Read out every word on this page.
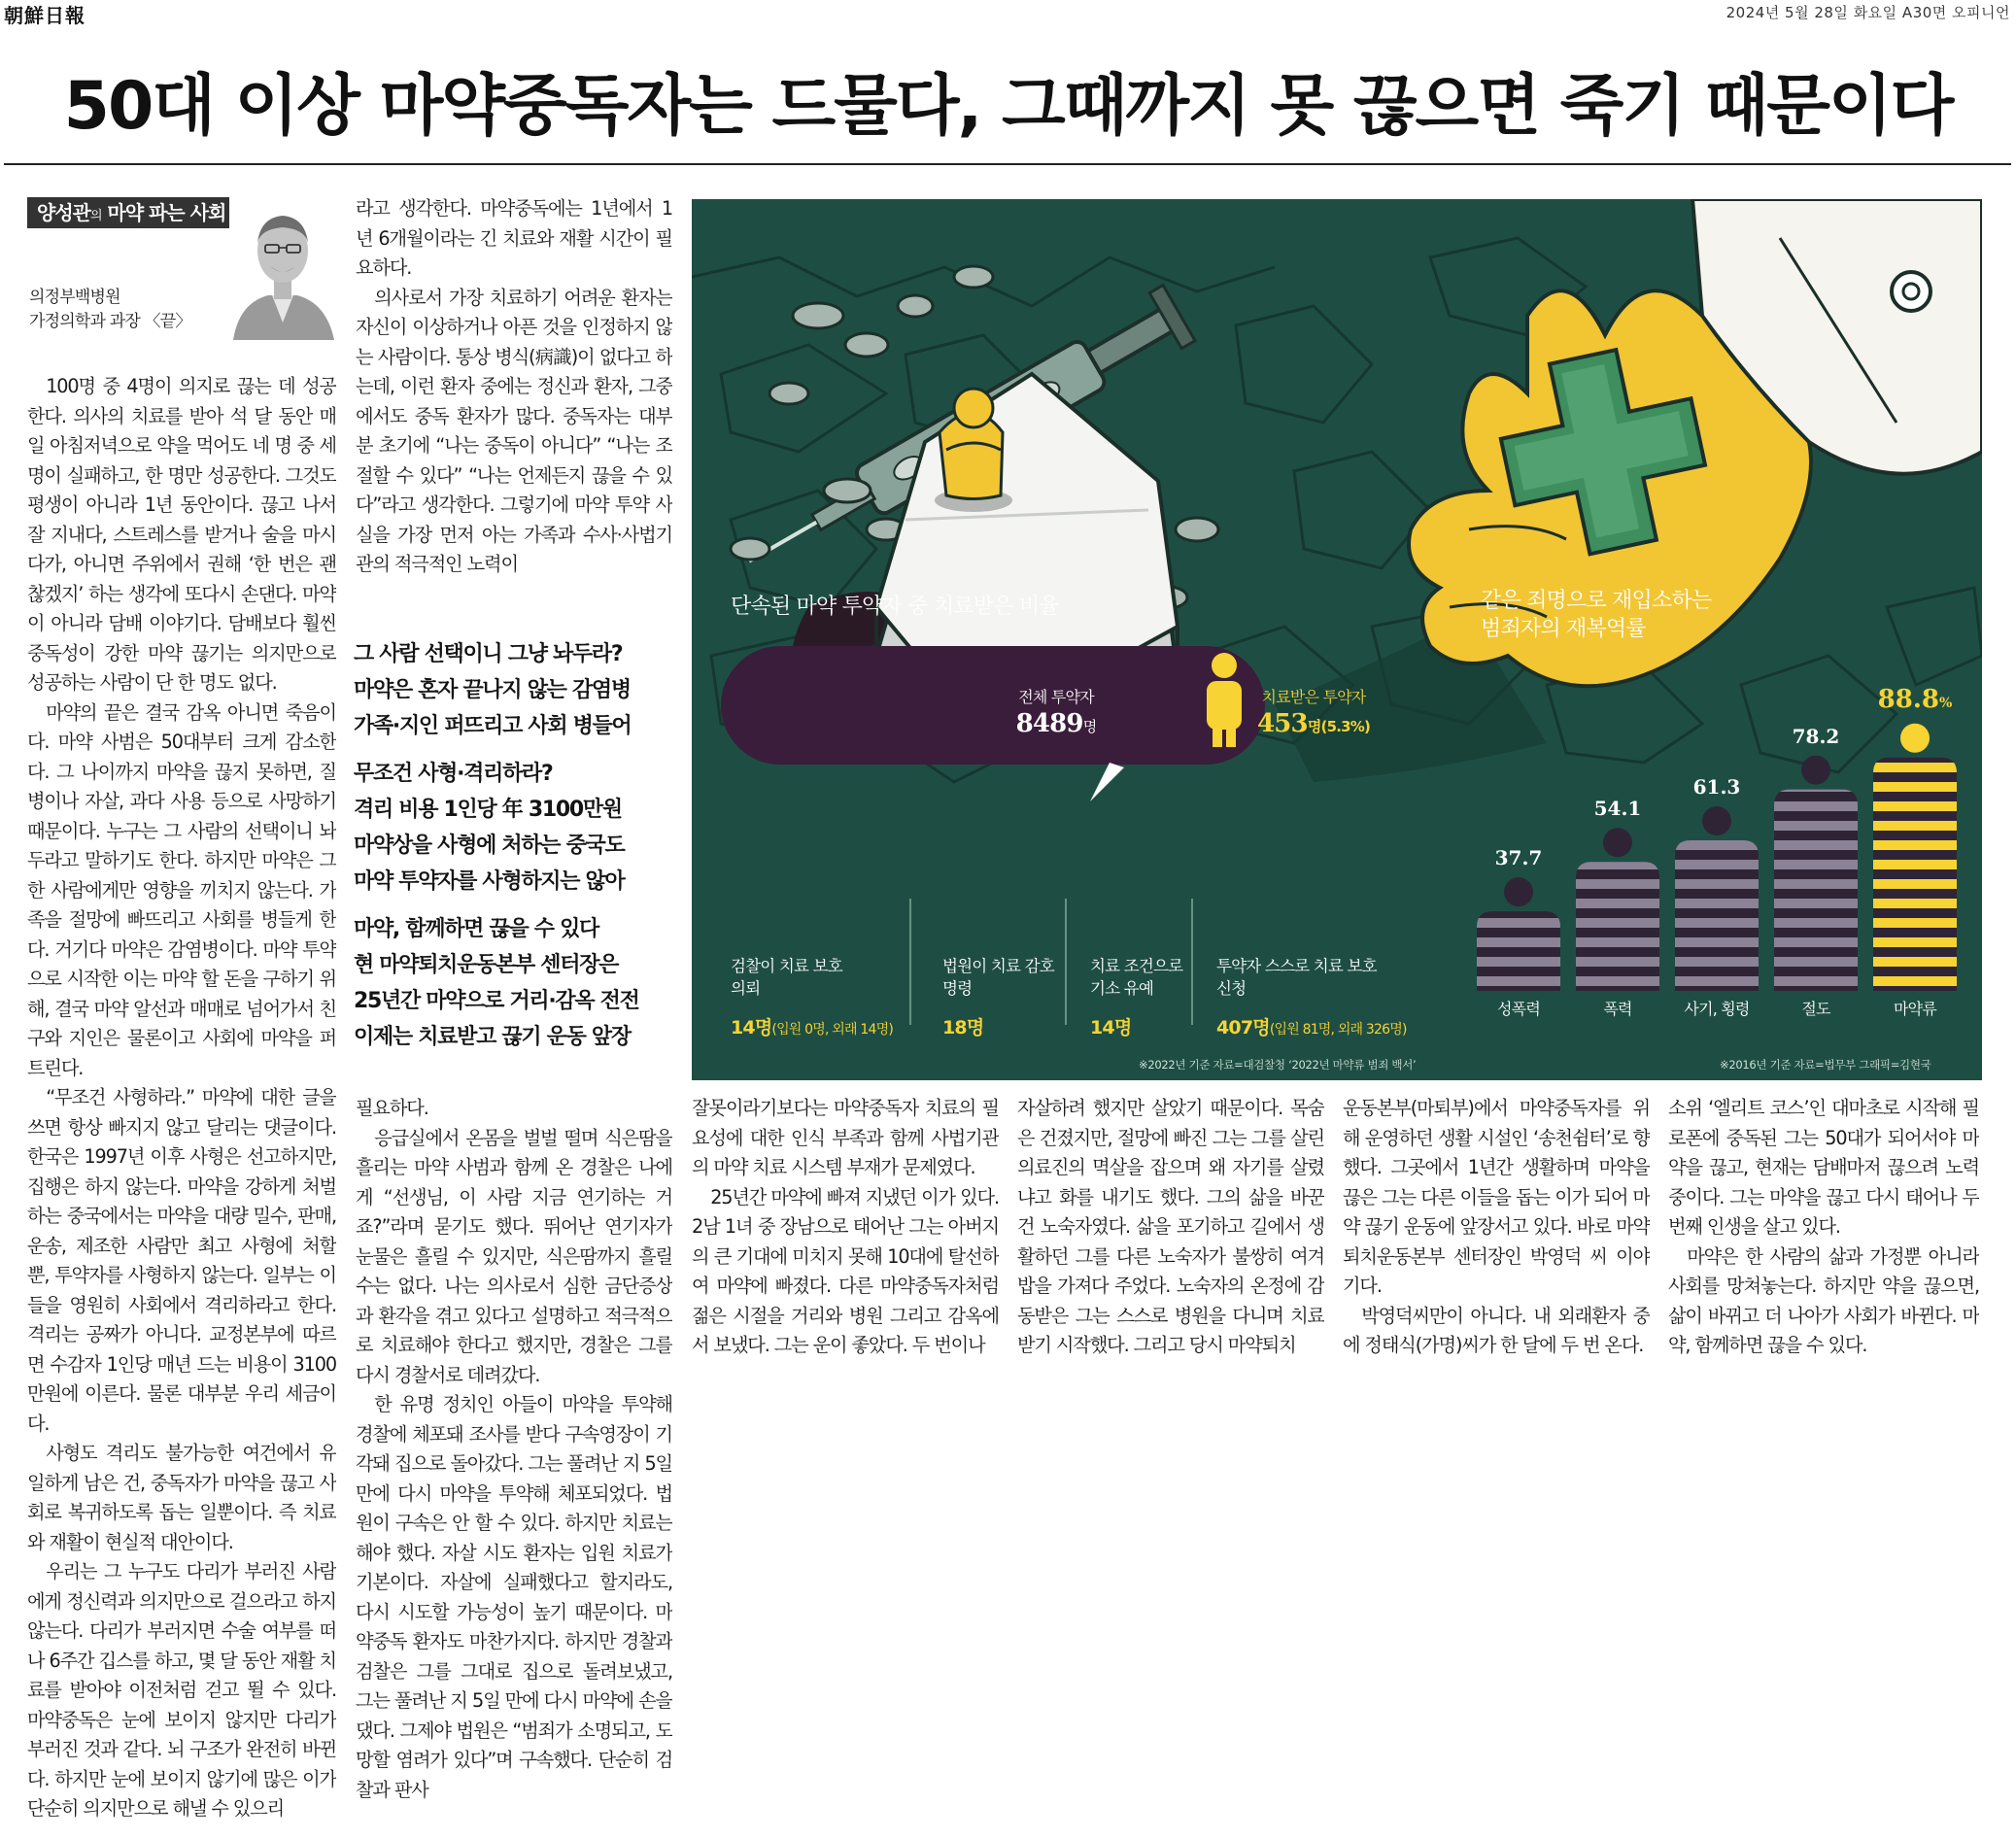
朝鮮日報	2024년 5월 28일 화요일 A30면 오피니언
50대 이상 마약중독자는 드물다, 그때까지 못 끊으면 죽기 때문이다
양성관의 마약 파는 사회
의정부백병원
가정의학과 과장 〈끝〉

100명 중 4명이 의지로 끊는 데 성공한다. 의사의 치료를 받아 석 달 동안 매일 아침저녁으로 약을 먹어도 네 명 중 세 명이 실패하고, 한 명만 성공한다. 그것도 평생이 아니라 1년 동안이다. 끊고 나서 잘 지내다, 스트레스를 받거나 술을 마시다가, 아니면 주위에서 권해 ‘한 번은 괜찮겠지’ 하는 생각에 또다시 손댄다. 마약이 아니라 담배 이야기다. 담배보다 훨씬 중독성이 강한 마약 끊기는 의지만으로 성공하는 사람이 단 한 명도 없다.

마약의 끝은 결국 감옥 아니면 죽음이다. 마약 사범은 50대부터 크게 감소한다. 그 나이까지 마약을 끊지 못하면, 질병이나 자살, 과다 사용 등으로 사망하기 때문이다. 누구는 그 사람의 선택이니 놔두라고 말하기도 한다. 하지만 마약은 그 한 사람에게만 영향을 끼치지 않는다. 가족을 절망에 빠뜨리고 사회를 병들게 한다. 거기다 마약은 감염병이다. 마약 투약으로 시작한 이는 마약 할 돈을 구하기 위해, 결국 마약 알선과 매매로 넘어가서 친구와 지인은 물론이고 사회에 마약을 퍼트린다.

“무조건 사형하라.” 마약에 대한 글을 쓰면 항상 빠지지 않고 달리는 댓글이다. 한국은 1997년 이후 사형은 선고하지만, 집행은 하지 않는다. 마약을 강하게 처벌하는 중국에서는 마약을 대량 밀수, 판매, 운송, 제조한 사람만 최고 사형에 처할 뿐, 투약자를 사형하지 않는다. 일부는 이들을 영원히 사회에서 격리하라고 한다. 격리는 공짜가 아니다. 교정본부에 따르면 수감자 1인당 매년 드는 비용이 3100만원에 이른다. 물론 대부분 우리 세금이다.

사형도 격리도 불가능한 여건에서 유일하게 남은 건, 중독자가 마약을 끊고 사회로 복귀하도록 돕는 일뿐이다. 즉 치료와 재활이 현실적 대안이다.

우리는 그 누구도 다리가 부러진 사람에게 정신력과 의지만으로 걸으라고 하지 않는다. 다리가 부러지면 수술 여부를 떠나 6주간 깁스를 하고, 몇 달 동안 재활 치료를 받아야 이전처럼 걷고 뛸 수 있다. 마약중독은 눈에 보이지 않지만 다리가 부러진 것과 같다. 뇌 구조가 완전히 바뀐다. 하지만 눈에 보이지 않기에 많은 이가 단순히 의지만으로 해낼 수 있으리

라고 생각한다. 마약중독에는 1년에서 1년 6개월이라는 긴 치료와 재활 시간이 필요하다.

의사로서 가장 치료하기 어려운 환자는 자신이 이상하거나 아픈 것을 인정하지 않는 사람이다. 통상 병식(病識)이 없다고 하는데, 이런 환자 중에는 정신과 환자, 그중에서도 중독 환자가 많다. 중독자는 대부분 초기에 “나는 중독이 아니다” “나는 조절할 수 있다” “나는 언제든지 끊을 수 있다”라고 생각한다. 그렇기에 마약 투약 사실을 가장 먼저 아는 가족과 수사·사법기관의 적극적인 노력이

그 사람 선택이니 그냥 놔두라?
마약은 혼자 끝나지 않는 감염병
가족·지인 퍼뜨리고 사회 병들어
무조건 사형·격리하라?
격리 비용 1인당 年 3100만원
마약상을 사형에 처하는 중국도
마약 투약자를 사형하지는 않아
마약, 함께하면 끊을 수 있다
현 마약퇴치운동본부 센터장은
25년간 마약으로 거리·감옥 전전
이제는 치료받고 끊기 운동 앞장

필요하다.

응급실에서 온몸을 벌벌 떨며 식은땀을 흘리는 마약 사범과 함께 온 경찰은 나에게 “선생님, 이 사람 지금 연기하는 거죠?”라며 묻기도 했다. 뛰어난 연기자가 눈물은 흘릴 수 있지만, 식은땀까지 흘릴 수는 없다. 나는 의사로서 심한 금단증상과 환각을 겪고 있다고 설명하고 적극적으로 치료해야 한다고 했지만, 경찰은 그를 다시 경찰서로 데려갔다.

한 유명 정치인 아들이 마약을 투약해 경찰에 체포돼 조사를 받다 구속영장이 기각돼 집으로 돌아갔다. 그는 풀려난 지 5일 만에 다시 마약을 투약해 체포되었다. 법원이 구속은 안 할 수 있다. 하지만 치료는 해야 했다. 자살 시도 환자는 입원 치료가 기본이다. 자살에 실패했다고 할지라도, 다시 시도할 가능성이 높기 때문이다. 마약중독 환자도 마찬가지다. 하지만 경찰과 검찰은 그를 그대로 집으로 돌려보냈고, 그는 풀려난 지 5일 만에 다시 마약에 손을 댔다. 그제야 법원은 “범죄가 소명되고, 도망할 염려가 있다”며 구속했다. 단순히 검찰과 판사

잘못이라기보다는 마약중독자 치료의 필요성에 대한 인식 부족과 함께 사법기관의 마약 치료 시스템 부재가 문제였다.

25년간 마약에 빠져 지냈던 이가 있다. 2남 1녀 중 장남으로 태어난 그는 아버지의 큰 기대에 미치지 못해 10대에 탈선하여 마약에 빠졌다. 다른 마약중독자처럼 젊은 시절을 거리와 병원 그리고 감옥에서 보냈다. 그는 운이 좋았다. 두 번이나

자살하려 했지만 살았기 때문이다. 목숨은 건졌지만, 절망에 빠진 그는 그를 살린 의료진의 멱살을 잡으며 왜 자기를 살렸냐고 화를 내기도 했다. 그의 삶을 바꾼 건 노숙자였다. 삶을 포기하고 길에서 생활하던 그를 다른 노숙자가 불쌍히 여겨 밥을 가져다 주었다. 노숙자의 온정에 감동받은 그는 스스로 병원을 다니며 치료받기 시작했다. 그리고 당시 마약퇴치

운동본부(마퇴부)에서 마약중독자를 위해 운영하던 생활 시설인 ‘송천쉼터’로 향했다. 그곳에서 1년간 생활하며 마약을 끊은 그는 다른 이들을 돕는 이가 되어 마약 끊기 운동에 앞장서고 있다. 바로 마약퇴치운동본부 센터장인 박영덕 씨 이야기다.

박영덕씨만이 아니다. 내 외래환자 중에 정태식(가명)씨가 한 달에 두 번 온다.

소위 ‘엘리트 코스’인 대마초로 시작해 필로폰에 중독된 그는 50대가 되어서야 마약을 끊고, 현재는 담배마저 끊으려 노력 중이다. 그는 마약을 끊고 다시 태어나 두 번째 인생을 살고 있다.

마약은 한 사람의 삶과 가정뿐 아니라 사회를 망쳐놓는다. 하지만 약을 끊으면, 삶이 바뀌고 더 나아가 사회가 바뀐다. 마약, 함께하면 끊을 수 있다.

단속된 마약 투약자 중 치료받은 비율
전체 투약자
8489명
치료받은 투약자
453명(5.3%)
검찰이 치료 보호
의뢰
14명(입원 0명, 외래 14명)
법원이 치료 감호
명령
18명
치료 조건으로
기소 유예
14명
투약자 스스로 치료 보호
신청
407명(입원 81명, 외래 326명)
※2022년 기준 자료=대검찰청 ‘2022년 마약류 범죄 백서’
같은 죄명으로 재입소하는
범죄자의 재복역률
37.7
성폭력
54.1
폭력
61.3
사기, 횡령
78.2
절도
88.8%
마약류
※2016년 기준 자료=법무부 그래픽=김현국
